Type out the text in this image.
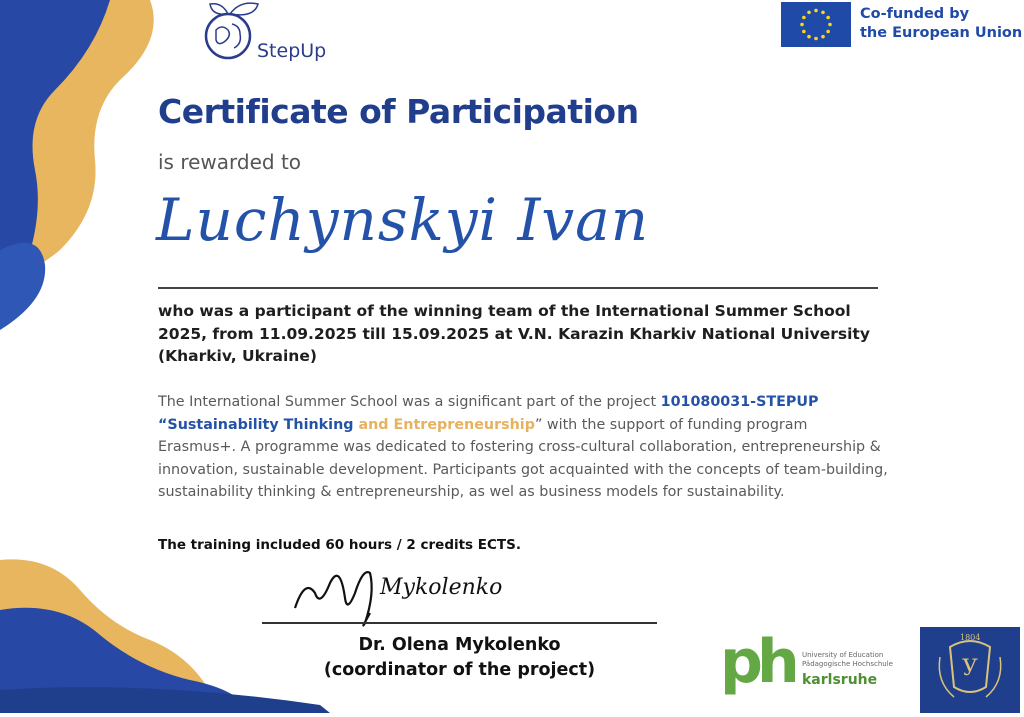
StepUp
Co-funded by
the European Union
Certificate of Participation
is rewarded to
Luchynskyi Ivan
who was a participant of the winning team of the International Summer School 2025, from 11.09.2025 till 15.09.2025 at V.N. Karazin Kharkiv National University (Kharkiv, Ukraine)
The International Summer School was a significant part of the project 101080031-STEPUP “Sustainability Thinking and Entrepreneurship” with the support of funding program Erasmus+. A programme was dedicated to fostering cross-cultural collaboration, entrepreneurship & innovation, sustainable development. Participants got acquainted with the concepts of team-building, sustainability thinking & entrepreneurship, as wel as business models for sustainability.
The training included 60 hours / 2 credits ECTS.
Mykolenko
Dr. Olena Mykolenko
(coordinator of the project)	ph University of Education
Pädagogische Hochschule
karlsruhe	У
1804
